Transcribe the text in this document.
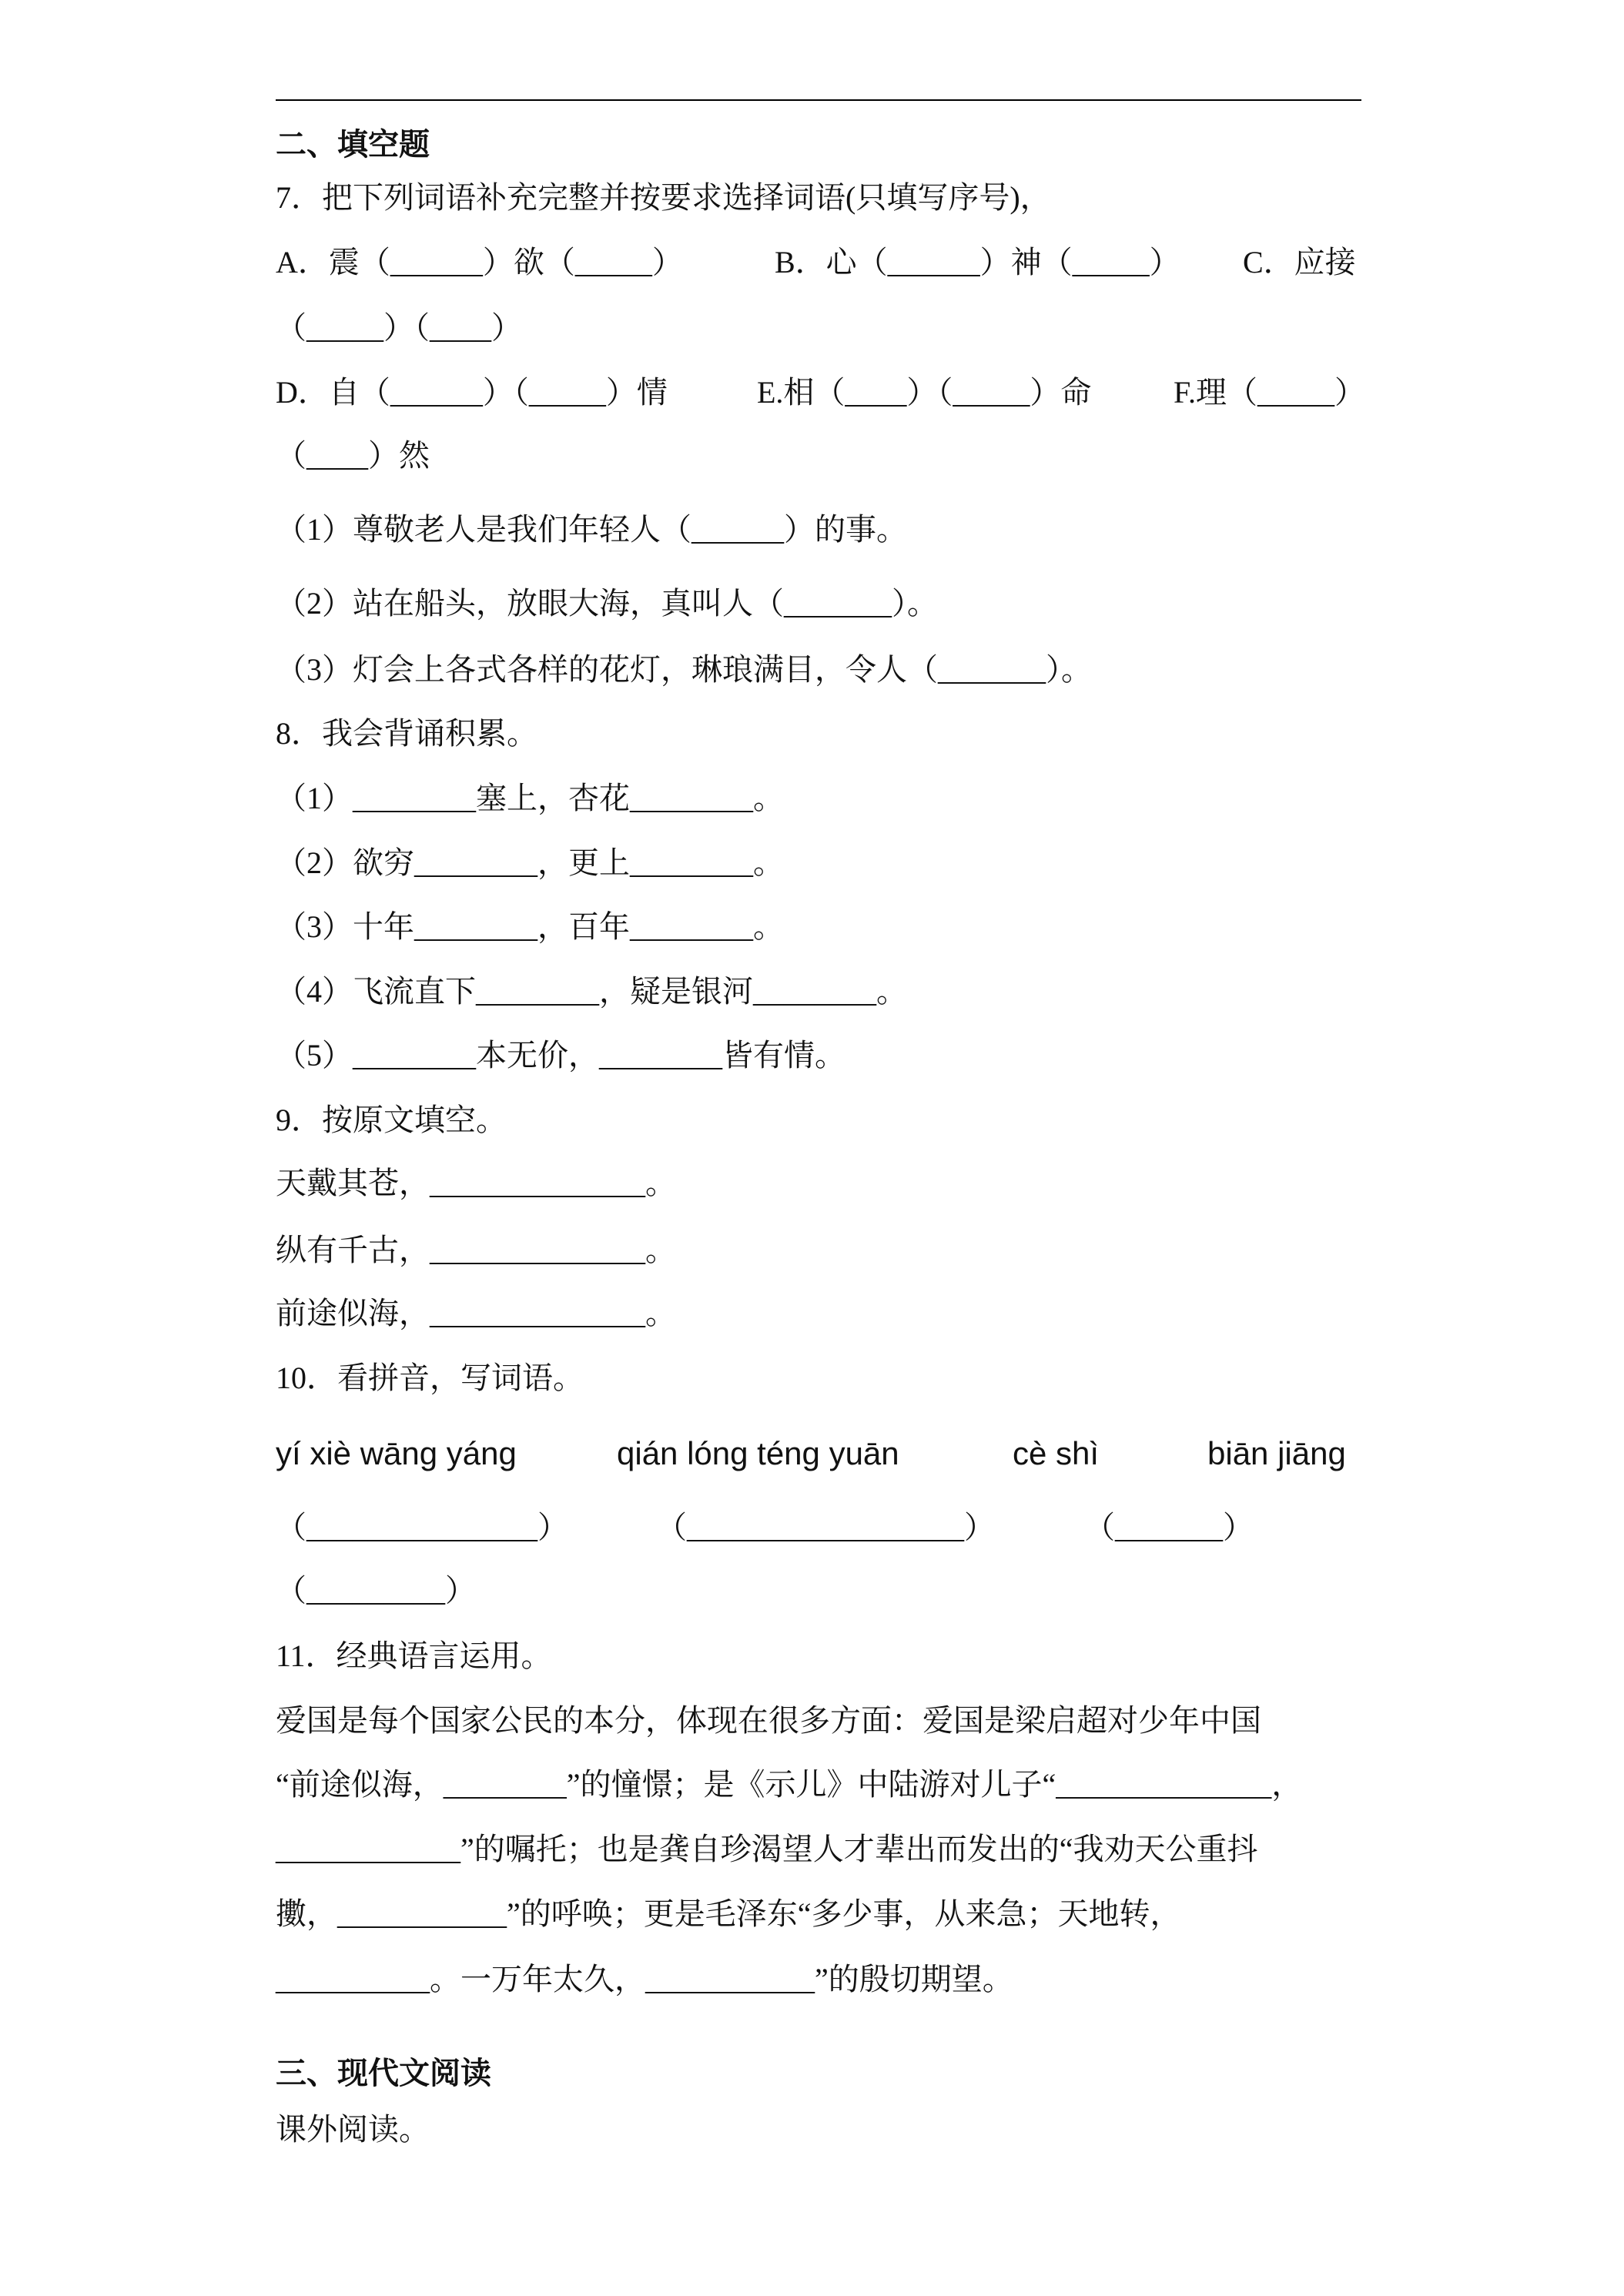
二、填空题
7．把下列词语补充完整并按要求选择词语(只填写序号)，
A．震（______）欲（_____）	B．心（______）神（_____） C．应接
（_____）（____）
D．自（______）（_____）情	E.相（____）（_____）命	F.理（_____）
（____）然
（1）尊敬老人是我们年轻人（______）的事。
（2）站在船头，放眼大海，真叫人（_______）。
（3）灯会上各式各样的花灯，琳琅满目，令人（_______）。
8．我会背诵积累。
（1）________塞上，杏花________。
（2）欲穷________，更上________。
（3）十年________，百年________。
（4）飞流直下________，疑是银河________。
（5）________本无价，________皆有情。
9．按原文填空。
天戴其苍，______________。
纵有千古，______________。
前途似海，______________。
10．看拼音，写词语。
yí xiè wāng yáng	qián lóng téng yuān	cè shì	biān jiāng
（_______________）	（__________________）	（_______）
（_________）
11．经典语言运用。
爱国是每个国家公民的本分，体现在很多方面：爱国是梁启超对少年中国
“前途似海，________”的憧憬；是《示儿》中陆游对儿子“______________，
____________”的嘱托；也是龚自珍渴望人才辈出而发出的“我劝天公重抖
擻，___________”的呼唤；更是毛泽东“多少事，从来急；天地转，
__________。一万年太久，___________”的殷切期望。
三、现代文阅读
课外阅读。
